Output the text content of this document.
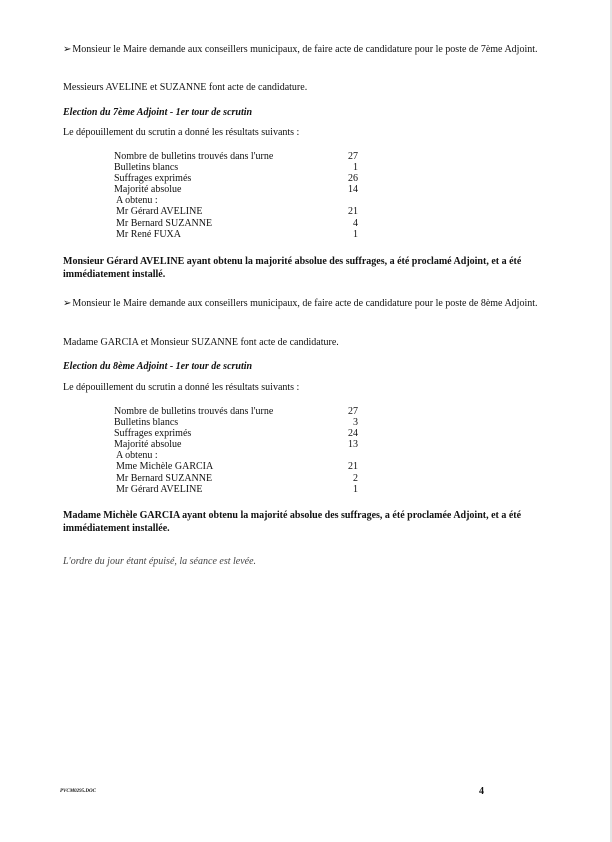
➢Monsieur le Maire demande aux conseillers municipaux, de faire acte de candidature pour le poste de 7ème Adjoint.
Messieurs AVELINE et SUZANNE font acte de candidature.
Election du 7ème Adjoint - 1er tour de scrutin
Le dépouillement du scrutin a donné les résultats suivants :
Nombre de bulletins trouvés dans l'urne	27
Bulletins blancs	1
Suffrages exprimés	26
Majorité absolue	14
A obtenu :
Mr Gérard AVELINE	21
Mr Bernard SUZANNE	4
Mr René FUXA	1
Monsieur Gérard AVELINE ayant obtenu la majorité absolue des suffrages, a été proclamé Adjoint, et a été immédiatement installé.
➢Monsieur le Maire demande aux conseillers municipaux, de faire acte de candidature pour le poste de 8ème Adjoint.
Madame GARCIA et Monsieur SUZANNE font acte de candidature.
Election du 8ème Adjoint - 1er tour de scrutin
Le dépouillement du scrutin a donné les résultats suivants :
Nombre de bulletins trouvés dans l'urne	27
Bulletins blancs	3
Suffrages exprimés	24
Majorité absolue	13
A obtenu :
Mme Michèle GARCIA	21
Mr Bernard SUZANNE	2
Mr Gérard AVELINE	1
Madame Michèle GARCIA ayant obtenu la majorité absolue des suffrages, a été proclamée Adjoint, et a été immédiatement installée.
L'ordre du jour étant épuisé, la séance est levée.
PVCM0295.DOC	4
